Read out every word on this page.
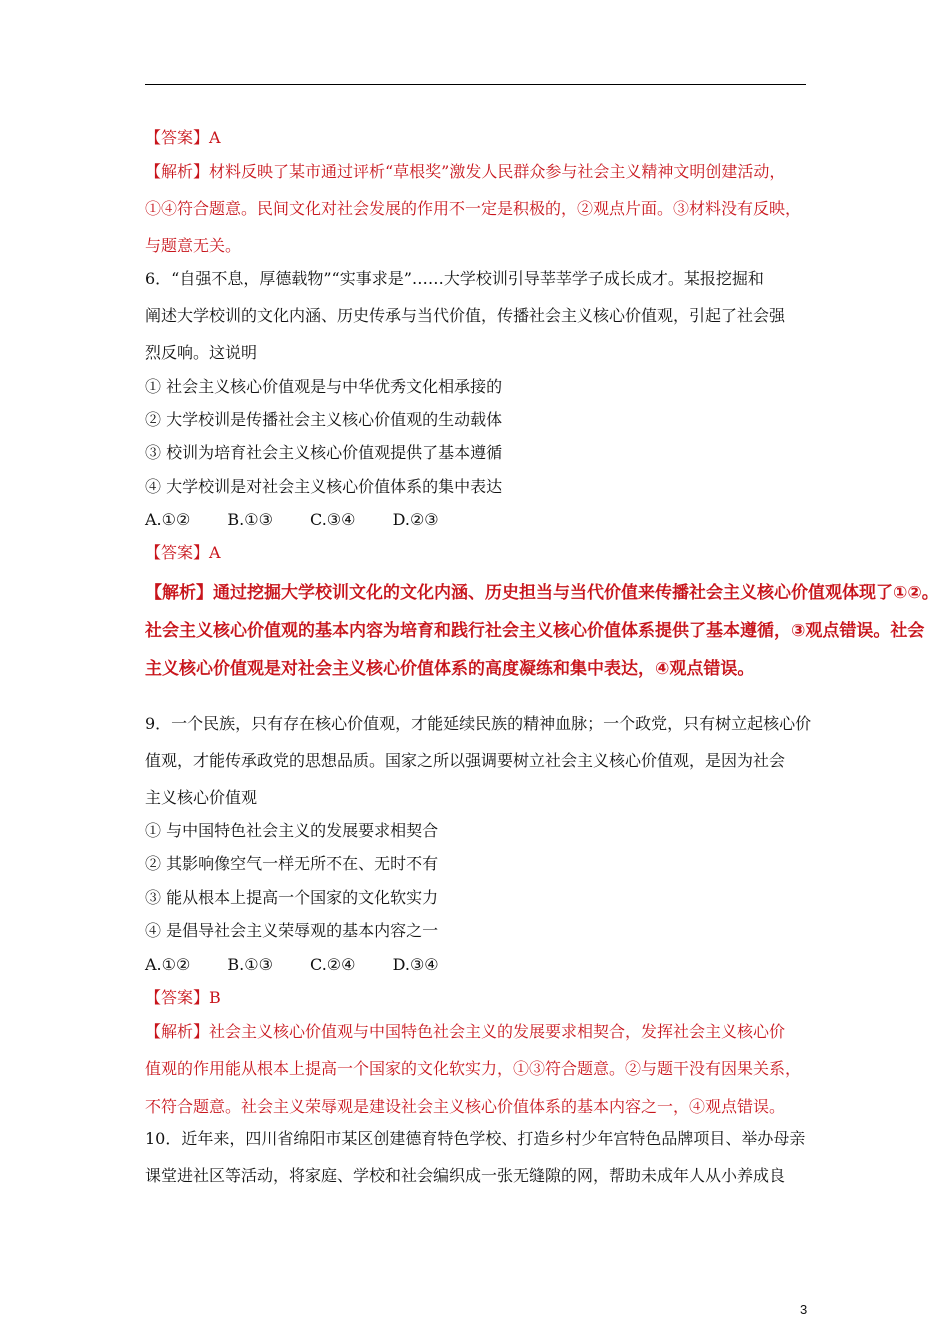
【答案】A
【解析】材料反映了某市通过评析“草根奖”激发人民群众参与社会主义精神文明创建活动，
①④符合题意。民间文化对社会发展的作用不一定是积极的，②观点片面。③材料没有反映，
与题意无关。
6．“自强不息，厚德载物”“实事求是”……大学校训引导莘莘学子成长成才。某报挖掘和
阐述大学校训的文化内涵、历史传承与当代价值，传播社会主义核心价值观，引起了社会强
烈反响。这说明
① 社会主义核心价值观是与中华优秀文化相承接的
② 大学校训是传播社会主义核心价值观的生动载体
③ 校训为培育社会主义核心价值观提供了基本遵循
④ 大学校训是对社会主义核心价值体系的集中表达
A.①② B.①③ C.③④ D.②③
【答案】A
【解析】通过挖掘大学校训文化的文化内涵、历史担当与当代价值来传播社会主义核心价值观体现了①②。
社会主义核心价值观的基本内容为培育和践行社会主义核心价值体系提供了基本遵循，③观点错误。社会
主义核心价值观是对社会主义核心价值体系的高度凝练和集中表达，④观点错误。
9．一个民族，只有存在核心价值观，才能延续民族的精神血脉；一个政党，只有树立起核心价
值观，才能传承政党的思想品质。国家之所以强调要树立社会主义核心价值观，是因为社会
主义核心价值观
① 与中国特色社会主义的发展要求相契合
② 其影响像空气一样无所不在、无时不有
③ 能从根本上提高一个国家的文化软实力
④ 是倡导社会主义荣辱观的基本内容之一
A.①② B.①③ C.②④ D.③④
【答案】B
【解析】社会主义核心价值观与中国特色社会主义的发展要求相契合，发挥社会主义核心价
值观的作用能从根本上提高一个国家的文化软实力，①③符合题意。②与题干没有因果关系，
不符合题意。社会主义荣辱观是建设社会主义核心价值体系的基本内容之一，④观点错误。
10．近年来，四川省绵阳市某区创建德育特色学校、打造乡村少年宫特色品牌项目、举办母亲
课堂进社区等活动，将家庭、学校和社会编织成一张无缝隙的网，帮助未成年人从小养成良
3
